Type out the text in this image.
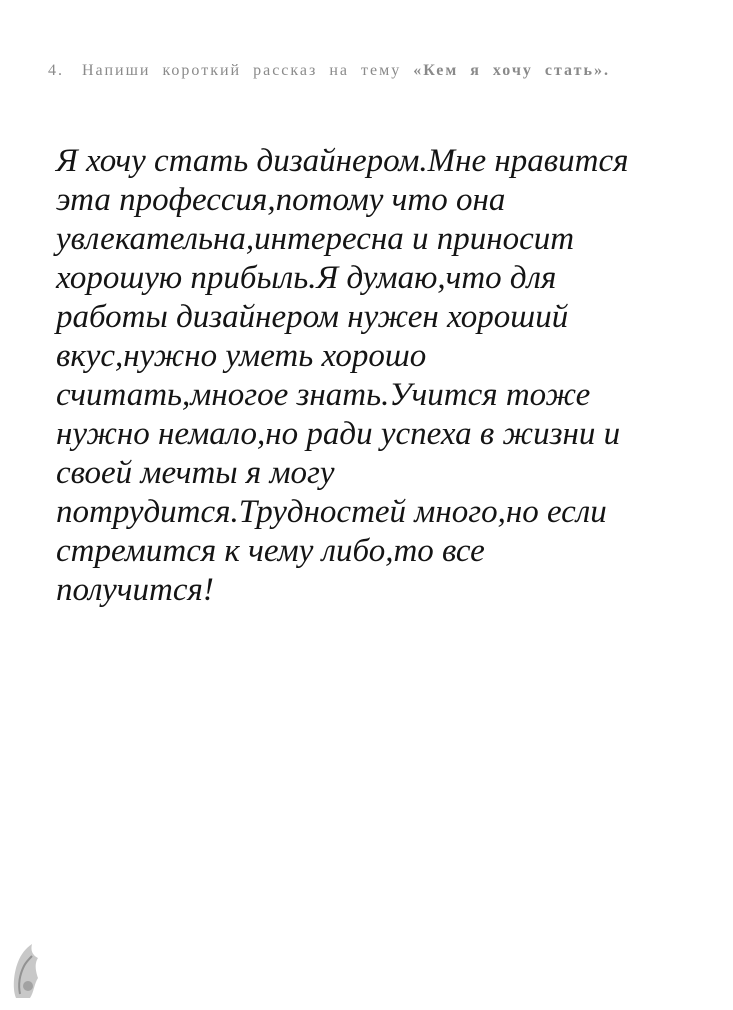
4. Напиши короткий рассказ на тему «Кем я хочу стать».
Я хочу стать дизайнером.Мне нравится
эта профессия,потому что она
увлекательна,интересна и приносит
хорошую прибыль.Я думаю,что для
работы дизайнером нужен хороший
вкус,нужно уметь хорошо
считать,многое знать.Учится тоже
нужно немало,но ради успеха в жизни и
своей мечты я могу
потрудится.Трудностей много,но если
стремится к чему либо,то все
получится!
